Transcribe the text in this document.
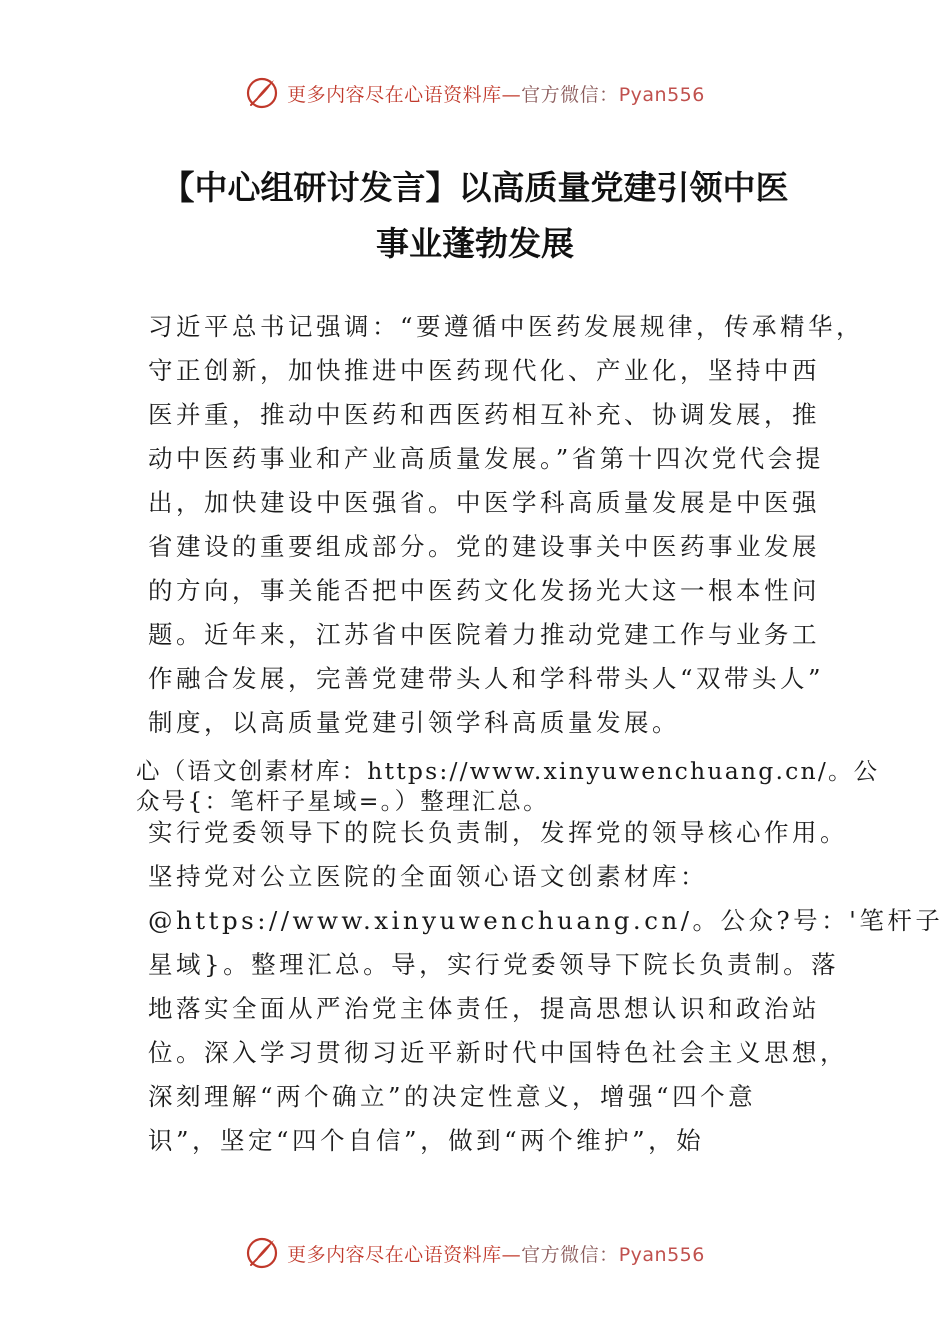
更多内容尽在心语资料库—官方微信：Pyan556
【中心组研讨发言】以高质量党建引领中医
事业蓬勃发展
习近平总书记强调：“要遵循中医药发展规律，传承精华，
守正创新，加快推进中医药现代化、产业化，坚持中西
医并重，推动中医药和西医药相互补充、协调发展，推
动中医药事业和产业高质量发展。”省第十四次党代会提
出，加快建设中医强省。中医学科高质量发展是中医强
省建设的重要组成部分。党的建设事关中医药事业发展
的方向，事关能否把中医药文化发扬光大这一根本性问
题。近年来，江苏省中医院着力推动党建工作与业务工
作融合发展，完善党建带头人和学科带头人“双带头人”
制度，以高质量党建引领学科高质量发展。
心（语文创素材库：https://www.xinyuwenchuang.cn/。公
众号{：笔杆子星域=。）整理汇总。
实行党委领导下的院长负责制，发挥党的领导核心作用。
坚持党对公立医院的全面领心语文创素材库：
@https://www.xinyuwenchuang.cn/。公众?号：'笔杆子
星域}。整理汇总。导，实行党委领导下院长负责制。落
地落实全面从严治党主体责任，提高思想认识和政治站
位。深入学习贯彻习近平新时代中国特色社会主义思想，
深刻理解“两个确立”的决定性意义，增强“四个意
识”，坚定“四个自信”，做到“两个维护”，始
更多内容尽在心语资料库—官方微信：Pyan556
